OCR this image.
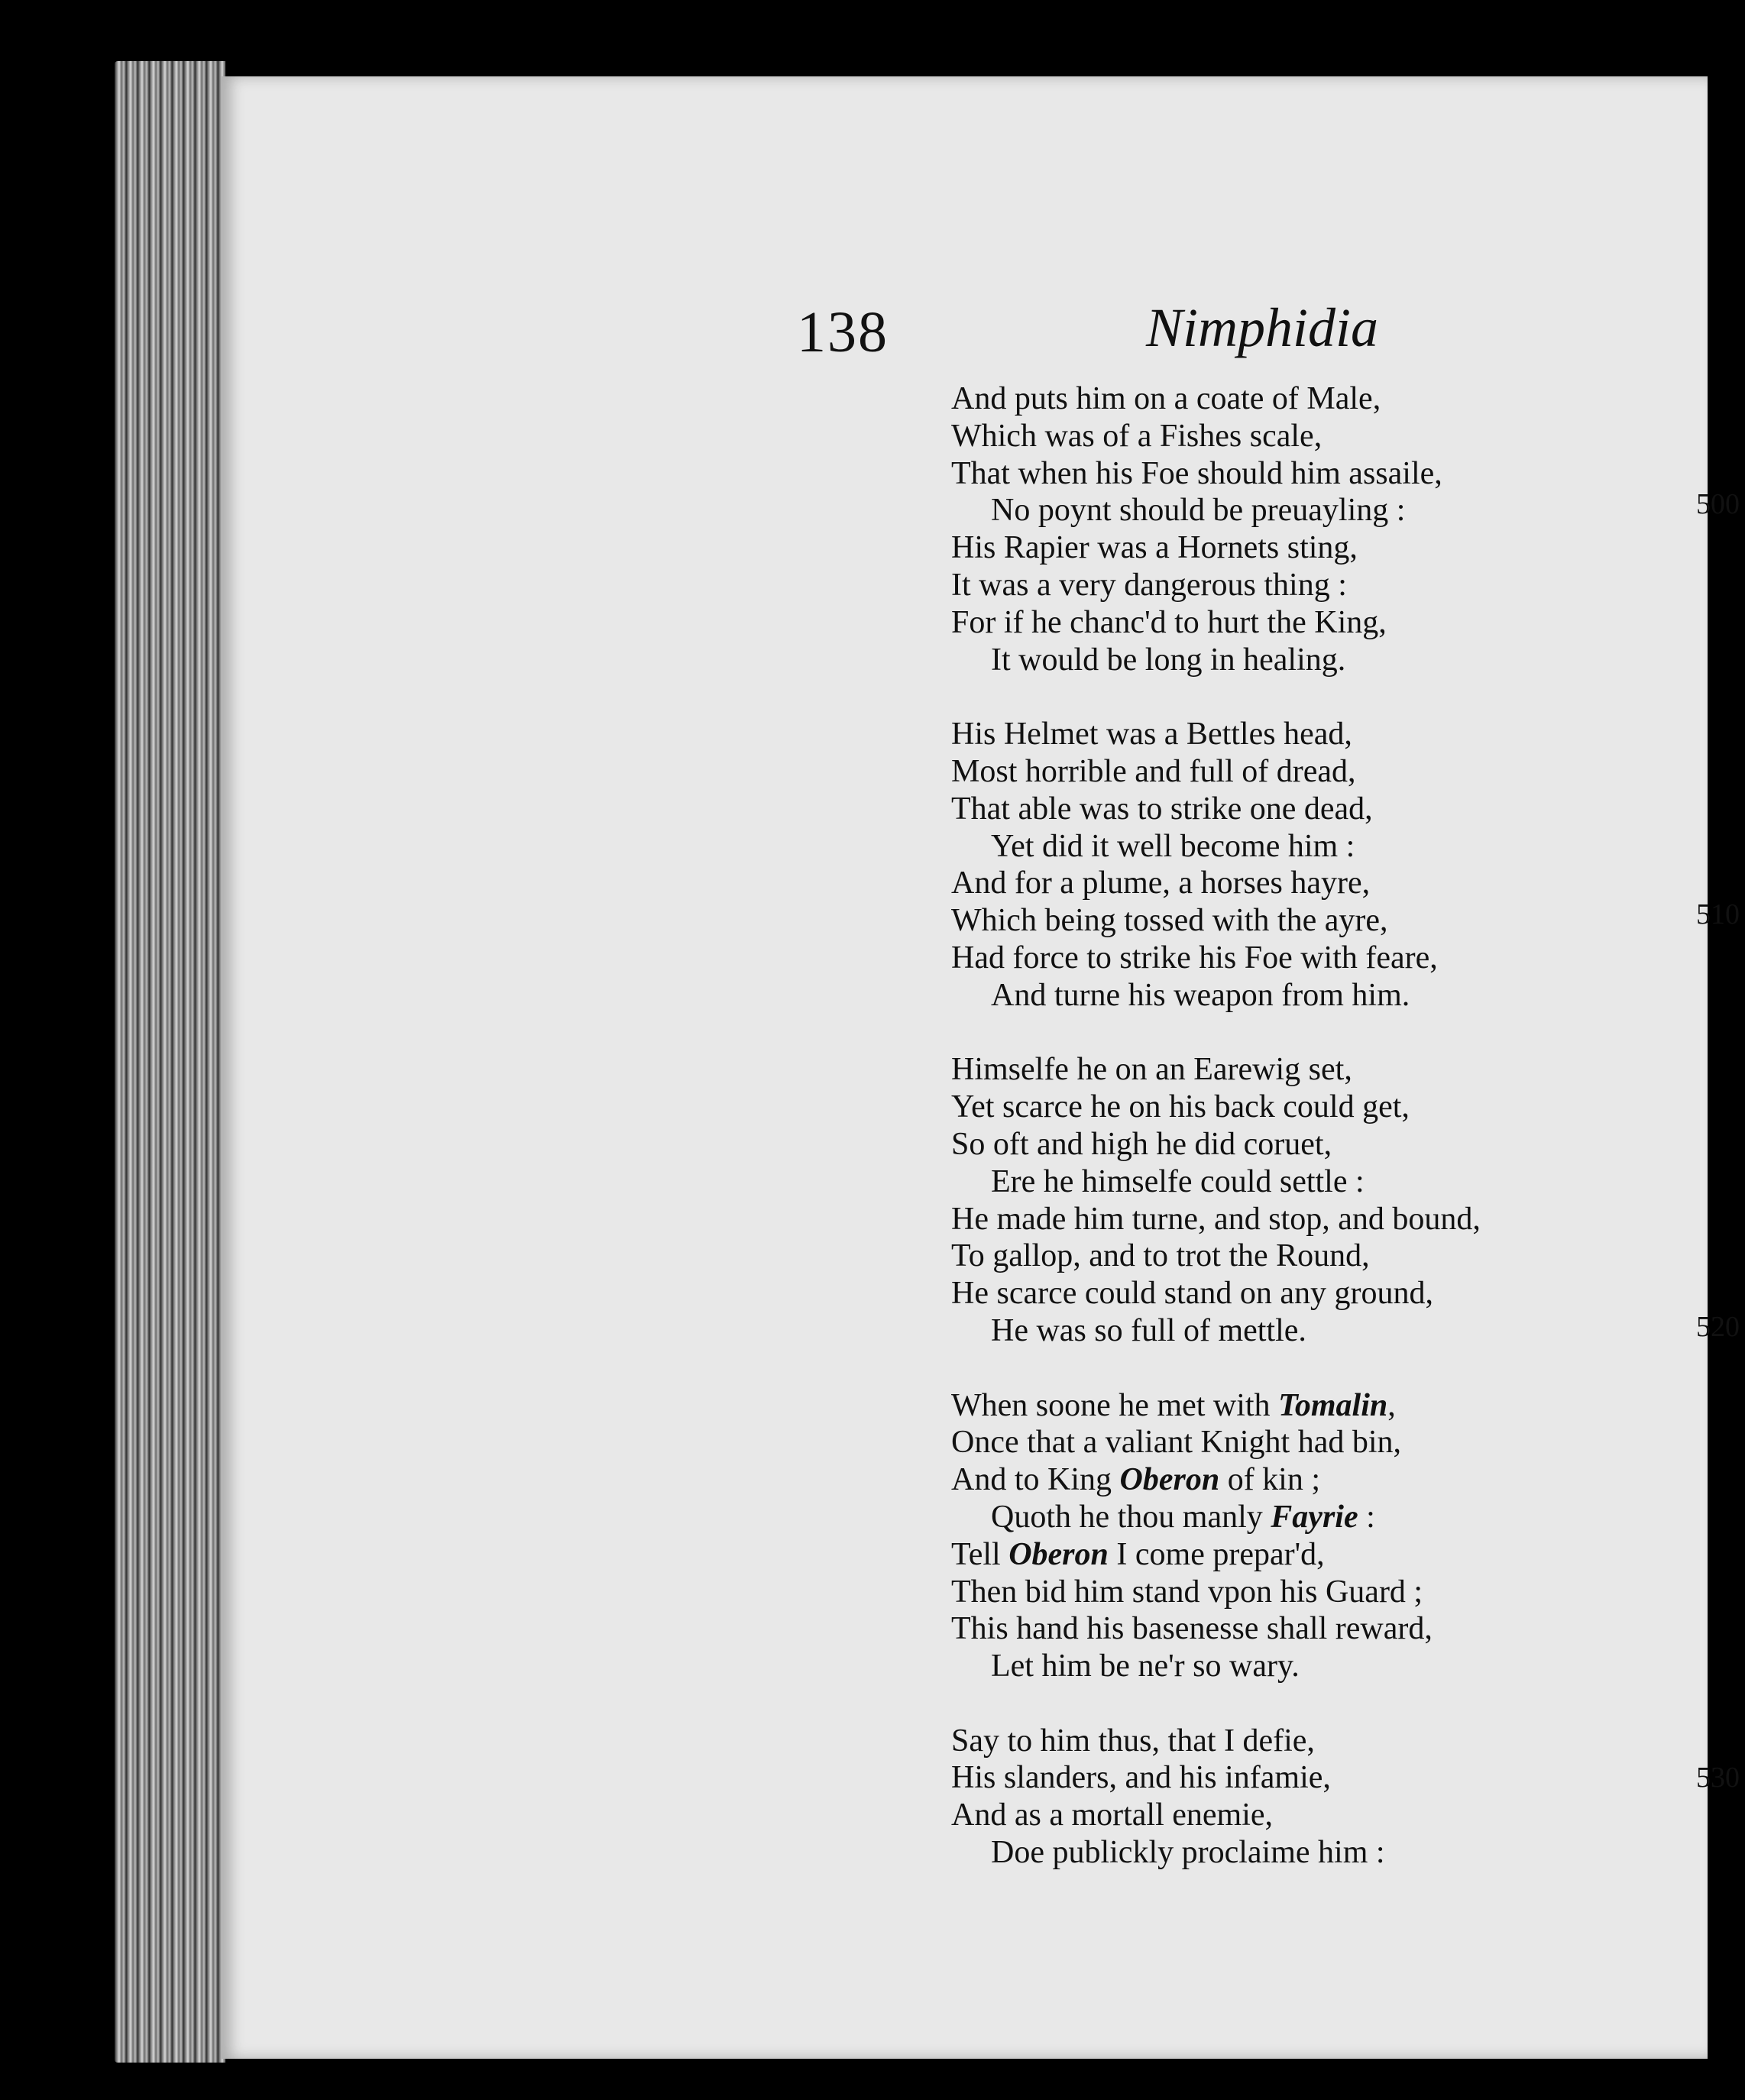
138	Nimphidia
And puts him on a coate of Male,
Which was of a Fishes scale,
That when his Foe should him assaile,
No poynt should be preuayling :
His Rapier was a Hornets sting,
It was a very dangerous thing :
For if he chanc'd to hurt the King,
It would be long in healing.
His Helmet was a Bettles head,
Most horrible and full of dread,
That able was to strike one dead,
Yet did it well become him :
And for a plume, a horses hayre,
Which being tossed with the ayre,
Had force to strike his Foe with feare,
And turne his weapon from him.
Himselfe he on an Earewig set,
Yet scarce he on his back could get,
So oft and high he did coruet,
Ere he himselfe could settle :
He made him turne, and stop, and bound,
To gallop, and to trot the Round,
He scarce could stand on any ground,
He was so full of mettle.
When soone he met with Tomalin,
Once that a valiant Knight had bin,
And to King Oberon of kin ;
Quoth he thou manly Fayrie :
Tell Oberon I come prepar'd,
Then bid him stand vpon his Guard ;
This hand his basenesse shall reward,
Let him be ne'r so wary.
Say to him thus, that I defie,
His slanders, and his infamie,
And as a mortall enemie,
Doe publickly proclaime him :
500
510
520
530
